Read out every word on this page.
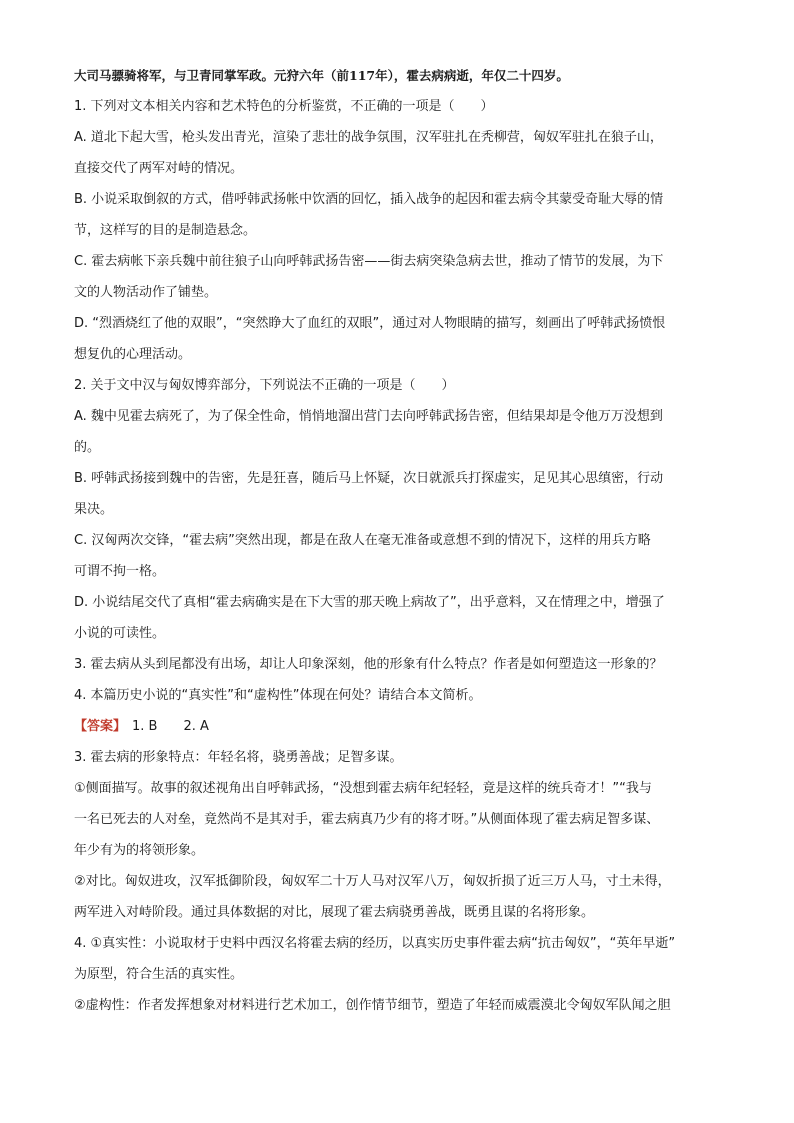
大司马骠骑将军，与卫青同掌军政。元狩六年（前117年），霍去病病逝，年仅二十四岁。

1. 下列对文本相关内容和艺术特色的分析鉴赏，不正确的一项是（　　）

A. 道北下起大雪，枪头发出青光，渲染了悲壮的战争氛围，汉军驻扎在秃柳营，匈奴军驻扎在狼子山，

直接交代了两军对峙的情况。

B. 小说采取倒叙的方式，借呼韩武扬帐中饮酒的回忆，插入战争的起因和霍去病令其蒙受奇耻大辱的情

节，这样写的目的是制造悬念。

C. 霍去病帐下亲兵魏中前往狼子山向呼韩武扬告密——街去病突染急病去世，推动了情节的发展，为下

文的人物活动作了铺垫。

D. “烈酒烧红了他的双眼”，“突然睁大了血红的双眼”，通过对人物眼睛的描写，刻画出了呼韩武扬愤恨

想复仇的心理活动。

2. 关于文中汉与匈奴博弈部分，下列说法不正确的一项是（　　）

A. 魏中见霍去病死了，为了保全性命，悄悄地溜出营门去向呼韩武扬告密，但结果却是令他万万没想到

的。

B. 呼韩武扬接到魏中的告密，先是狂喜，随后马上怀疑，次日就派兵打探虚实，足见其心思缜密，行动

果决。

C. 汉匈两次交锋，“霍去病”突然出现，都是在敌人在毫无准备或意想不到的情况下，这样的用兵方略

可谓不拘一格。

D. 小说结尾交代了真相“霍去病确实是在下大雪的那天晚上病故了”，出乎意料，又在情理之中，增强了

小说的可读性。

3. 霍去病从头到尾都没有出场，却让人印象深刻，他的形象有什么特点？作者是如何塑造这一形象的？

4. 本篇历史小说的“真实性”和“虚构性”体现在何处？请结合本文简析。

【答案】 1. B 2. A

3. 霍去病的形象特点：年轻名将，骁勇善战；足智多谋。

①侧面描写。故事的叙述视角出自呼韩武扬，“没想到霍去病年纪轻轻，竟是这样的统兵奇才！”“我与

一名已死去的人对垒，竟然尚不是其对手，霍去病真乃少有的将才呀。”从侧面体现了霍去病足智多谋、

年少有为的将领形象。

②对比。匈奴进攻，汉军抵御阶段，匈奴军二十万人马对汉军八万，匈奴折损了近三万人马，寸土未得，

两军进入对峙阶段。通过具体数据的对比，展现了霍去病骁勇善战，既勇且谋的名将形象。

4. ①真实性：小说取材于史料中西汉名将霍去病的经历，以真实历史事件霍去病“抗击匈奴”，“英年早逝”

为原型，符合生活的真实性。

②虚构性：作者发挥想象对材料进行艺术加工，创作情节细节，塑造了年轻而威震漠北令匈奴军队闻之胆
